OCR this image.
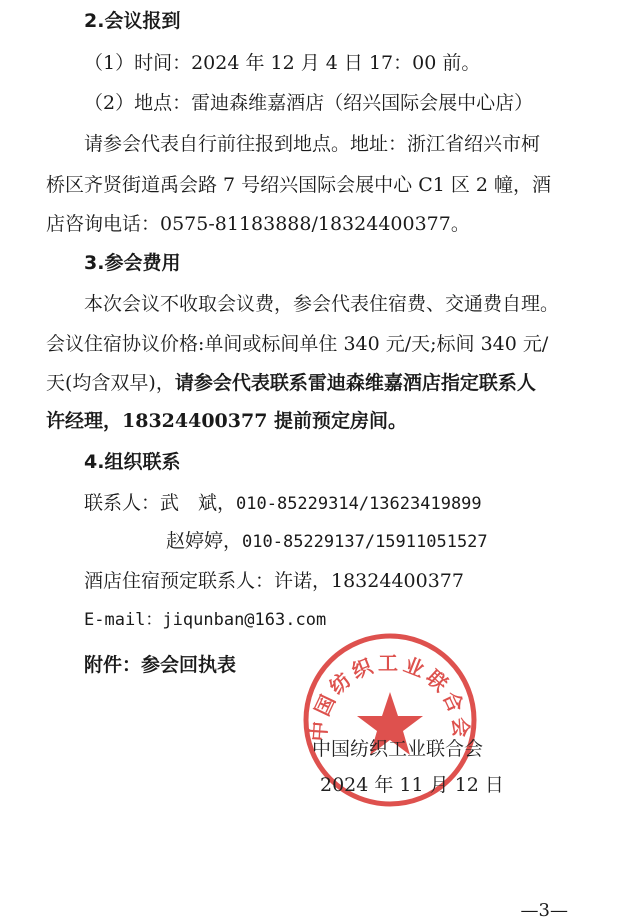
2.会议报到
（1）时间：2024 年 12 月 4 日 17：00 前。
（2）地点：雷迪森维嘉酒店（绍兴国际会展中心店）
请参会代表自行前往报到地点。地址：浙江省绍兴市柯
桥区齐贤街道禹会路 7 号绍兴国际会展中心 C1 区 2 幢，酒
店咨询电话：0575-81183888/18324400377。
3.参会费用
本次会议不收取会议费，参会代表住宿费、交通费自理。
会议住宿协议价格:单间或标间单住 340 元/天;标间 340 元/
天(均含双早)，请参会代表联系雷迪森维嘉酒店指定联系人
许经理，18324400377 提前预定房间。
4.组织联系
联系人：武　斌，010-85229314/13623419899
赵婷婷，010-85229137/15911051527
酒店住宿预定联系人：许诺，18324400377
E-mail：jiqunban@163.com
附件：参会回执表
中国纺织工业联合会
中国纺织工业联合会
2024 年 11 月 12 日
—3—
